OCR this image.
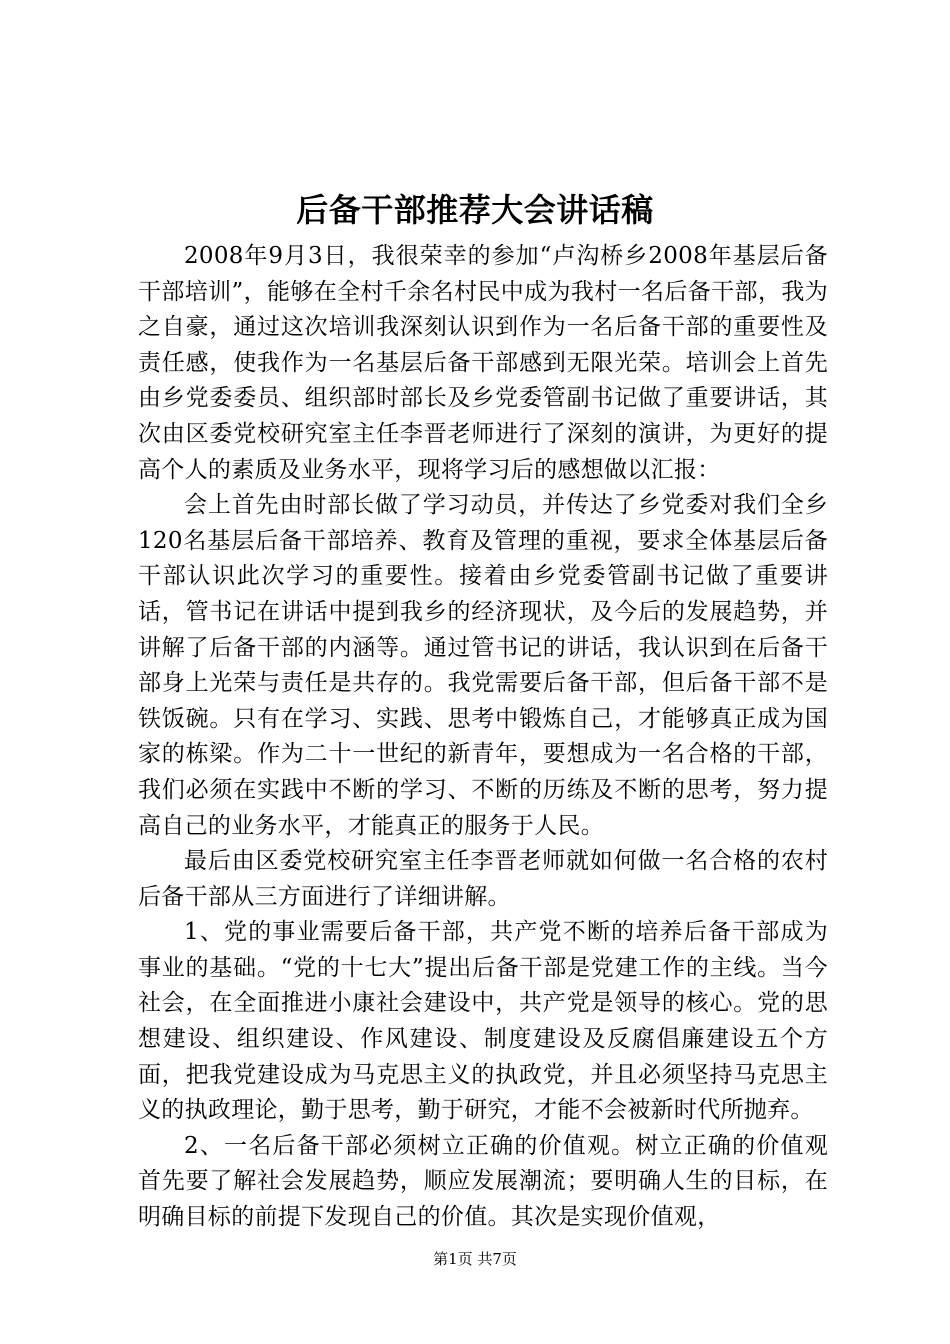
后备干部推荐大会讲话稿

2008年9月3日，我很荣幸的参加“卢沟桥乡2008年基层后备干部培训”，能够在全村千余名村民中成为我村一名后备干部，我为之自豪，通过这次培训我深刻认识到作为一名后备干部的重要性及责任感，使我作为一名基层后备干部感到无限光荣。培训会上首先由乡党委委员、组织部时部长及乡党委管副书记做了重要讲话，其次由区委党校研究室主任李晋老师进行了深刻的演讲，为更好的提高个人的素质及业务水平，现将学习后的感想做以汇报：

会上首先由时部长做了学习动员，并传达了乡党委对我们全乡120名基层后备干部培养、教育及管理的重视，要求全体基层后备干部认识此次学习的重要性。接着由乡党委管副书记做了重要讲话，管书记在讲话中提到我乡的经济现状，及今后的发展趋势，并讲解了后备干部的内涵等。通过管书记的讲话，我认识到在后备干部身上光荣与责任是共存的。我党需要后备干部，但后备干部不是铁饭碗。只有在学习、实践、思考中锻炼自己，才能够真正成为国家的栋梁。作为二十一世纪的新青年，要想成为一名合格的干部，我们必须在实践中不断的学习、不断的历练及不断的思考，努力提高自己的业务水平，才能真正的服务于人民。

最后由区委党校研究室主任李晋老师就如何做一名合格的农村后备干部从三方面进行了详细讲解。

1、党的事业需要后备干部，共产党不断的培养后备干部成为事业的基础。“党的十七大”提出后备干部是党建工作的主线。当今社会，在全面推进小康社会建设中，共产党是领导的核心。党的思想建设、组织建设、作风建设、制度建设及反腐倡廉建设五个方面，把我党建设成为马克思主义的执政党，并且必须坚持马克思主义的执政理论，勤于思考，勤于研究，才能不会被新时代所抛弃。

2、一名后备干部必须树立正确的价值观。树立正确的价值观首先要了解社会发展趋势，顺应发展潮流；要明确人生的目标，在明确目标的前提下发现自己的价值。其次是实现价值观，

第1页 共7页
